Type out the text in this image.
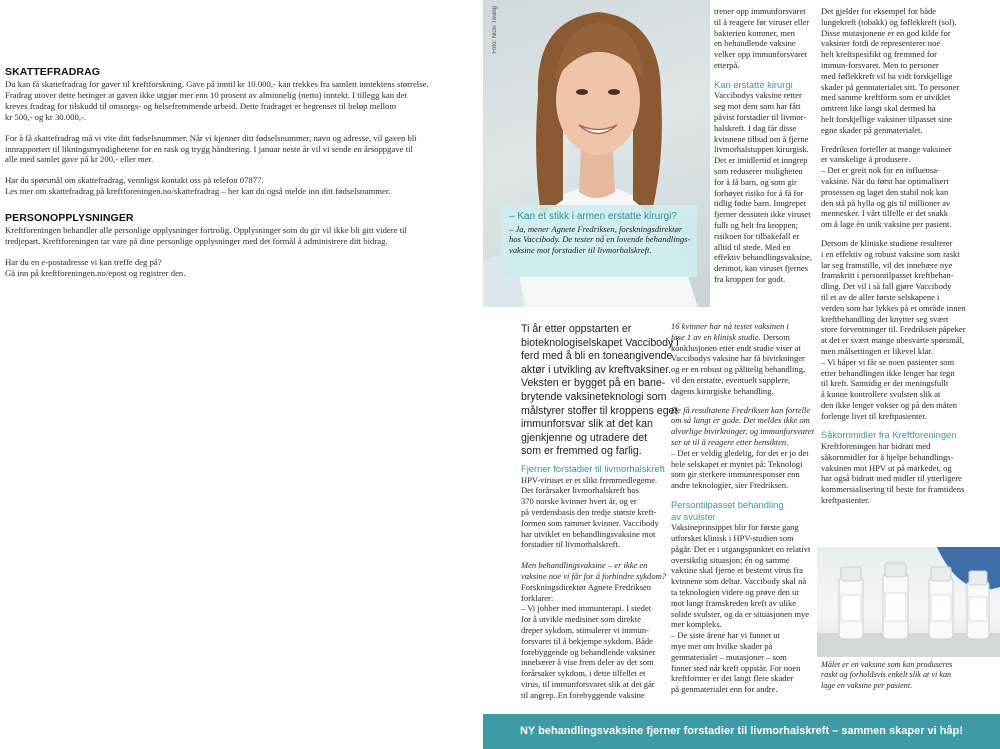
SKATTEFRADRAG
Du kan få skattefradrag for gaver til kreftforskning. Gave på inntil kr 10.000,- kan trekkes fra samlett inntektens størrelse.
Fradrag utover dette betinger at gaven ikke utgjør mer enn 10 prosent av alminnelig (netto) inntekt. I tillegg kan det
kreves fradrag for tilskudd til omsorgs- og helsefremmende arbeid. Dette fradraget er begrenset til beløp mellom
kr 500,- og kr 30.000,-.
For å få skattefradrag må vi vite ditt fødselsnummer. Når vi kjenner ditt fødselsnummer, navn og adresse, vil gaven bli
innrapportert til likningsmyndighetene for en rask og trygg håndtering. I januar neste år vil vi sende en årsoppgave til
alle med samlet gave på kr 200,- eller mer.
Har du spørsmål om skattefradrag, vennligst kontakt oss på telefon 07877.
Les mer om skattefradrag på kreftforeningen.no/skattefradrag – her kan du også melde inn ditt fødselsnummer.
PERSONOPPLYSNINGER
Kreftforeningen behandler alle personlige opplysninger fortrolig. Opplysninger som du gir vil ikke bli gitt videre til
tredjepart. Kreftforeningen tar vare på dine personlige opplysninger med det formål å administrere ditt bidrag.
Har du en e-postadresse vi kan treffe deg på?
Gå inn på kreftforeningen.no/epost og registrer den.
Foto: Nicki Twang
– Kan et stikk i armen erstatte kirurgi?
– Ja, mener Agnete Fredriksen, forskningsdirektør
hos Vaccibody. De tester nå en lovende behandlings-
vaksine mot forstadier til livmorhalskreft.
Ti år etter oppstarten er
bioteknologiselskapet Vaccibody i
ferd med å bli en toneangivende
aktør i utvikling av kreftvaksiner.
Veksten er bygget på en bane-
brytende vaksineteknologi som
målstyrer stoffer til kroppens eget
immunforsvar slik at det kan
gjenkjenne og utradere det
som er fremmed og farlig.
Fjerner forstadier til livmorhalskreft
HPV-viruset er et slikt fremmedlegeme.
Det forårsaker livmorhalskreft hos
370 norske kvinner hvert år, og er
på verdensbasis den tredje største kreft-
formen som rammer kvinner. Vaccibody
har utviklet en behandlingsvaksine mot
forstadier til livmorhalskreft.
Men behandlingsvaksine – er ikke en
vaksine noe vi får for å forhindre sykdom?
Forskningsdirektør Agnete Fredriksen
forklarer:
– Vi jobber med immunterapi. I stedet
for å utvikle medisiner som direkte
dreper sykdom, stimulerer vi immun-
forsvaret til å bekjempe sykdom. Både
forebyggende og behandlende vaksiner
innebærer å vise frem deler av det som
forårsaker sykdom, i dette tilfellet et
virus, til immunforsvaret slik at det går
til angrep. En forebyggende vaksine
trener opp immunforsvaret
til å reagere før viruset eller
bakterien kommer, men
en behandlende vaksine
velker opp immunforsvaret
etterpå.
Kan erstatte kirurgi
Vaccibodys vaksine retter
seg mot dem som har fått
påvist forstadier til livmor-
halskreft. I dag får disse
kvinnene tilbud om å fjerne
livmorhalstuppen kirurgisk.
Det er imidlertid et inngrep
som reduserer muligheten
for å få barn, og som gir
forhøyet risiko for å få for
tidlig fødte barn. Inngrepet
fjerner dessuten ikke viruset
fullt og helt fra kroppen;
risikoen for tilbakefall er
alltid til stede. Med en
effektiv behandlingsvaksine,
derimot, kan viruset fjernes
fra kroppen for godt.
16 kvinner har nå testet vaksinen i
fase 1 av en klinisk studie. Dersom
konklusjonen etter endt studie viser at
Vaccibodys vaksine har få bivirkninger
og er en robust og pålitelig behandling,
vil den erstatte, eventuelt supplere,
dagens kirurgiske behandling.
De få resultatene Fredriksen kan fortelle
om så langt er gode. Det meldes ikke om
alvorlige bivirkninger, og immunforsvaret
ser ut til å reagere etter hensikten.
– Det er veldig gledelig, for det er jo det
hele selskapet er myntet på: Teknologi
som gir sterkere immunresponser enn
andre teknologier, sier Fredriksen.
Persontilpasset behandling
av svulster
Vaksineprinsippet blir for første gang
utforsket klinisk i HPV-studien som
pågår. Det er i utgangspunktet en relativt
oversiktlig situasjon; én og samme
vaksine skal fjerne et bestemt virus fra
kvinnene som deltar. Vaccibody skal nå
ta teknologien videre og prøve den ut
mot langt framskreden kreft av ulike
solide svulster, og da er situasjonen mye
mer kompleks.
– De siste årene har vi funnet ut
mye mer om hvilke skader på
genmaterialet – mutasjoner – som
finner sted når kreft oppstår. For noen
kreftformer er det langt flere skader
på genmaterialet enn for andre.
Det gjelder for eksempel for både
lungekreft (tobakk) og føflekkreft (sol).
Disse mutasjonene er en god kilde for
vaksiner fordi de representerer noe
helt kreftspesifikt og fremmed for
immun-forsvaret. Men to personer
med føflekkreft vil ha vidt forskjellige
skader på genmaterialet sitt. To personer
med samme kreftform som er utviklet
omtrent like langt skal dermed ha
helt forskjellige vaksiner tilpasset sine
egne skader på genmaterialet.
Fredriksen forteller at mange vaksiner
er vanskelige å produsere.
– Det er greit nok for en influensa-
vaksine. Når du først har optimalisert
prosessen og laget den stabil nok kan
den stå på hylla og gis til millioner av
mennesker. I vårt tilfelle er det snakk
om å lage én unik vaksine per pasient.
Dersom de kliniske studiene resulterer
i en effektiv og robust vaksine som raskt
lar seg framstille, vil det innebære nye
framskritt i persontilpasset kreftbehan-
dling. Det vil i så fall gjøre Vaccibody
til et av de aller første selskapene i
verden som har lykkes på et område innen
kreftbehandling det knytter seg svært
store forventninger til. Fredriksen påpeker
at det er svært mange ubesvarte spørsmål,
men målsettingen er likevel klar.
– Vi håper vi får se noen pasienter som
etter behandlingen ikke lenger har tegn
til kreft. Samtidig er det meningsfullt
å kunne kontrollere svulsten slik at
den ikke lenger vokser og på den måten
forlenge livet til kreftpasienter.
Såkornmidler fra Kreftforeningen
Kreftforeningen har bidratt med
såkornmidler for å hjelpe behandlings-
vaksinen mot HPV ut på markedet, og
har også bidratt med midler til ytterligere
kommersialisering til beste for framtidens
kreftpasienter.
Målet er en vaksine som kan produseres
raskt og forholdsvis enkelt slik at vi kan
lage en vaksine per pasient.
NY behandlingsvaksine fjerner forstadier til livmorhalskreft – sammen skaper vi håp!
